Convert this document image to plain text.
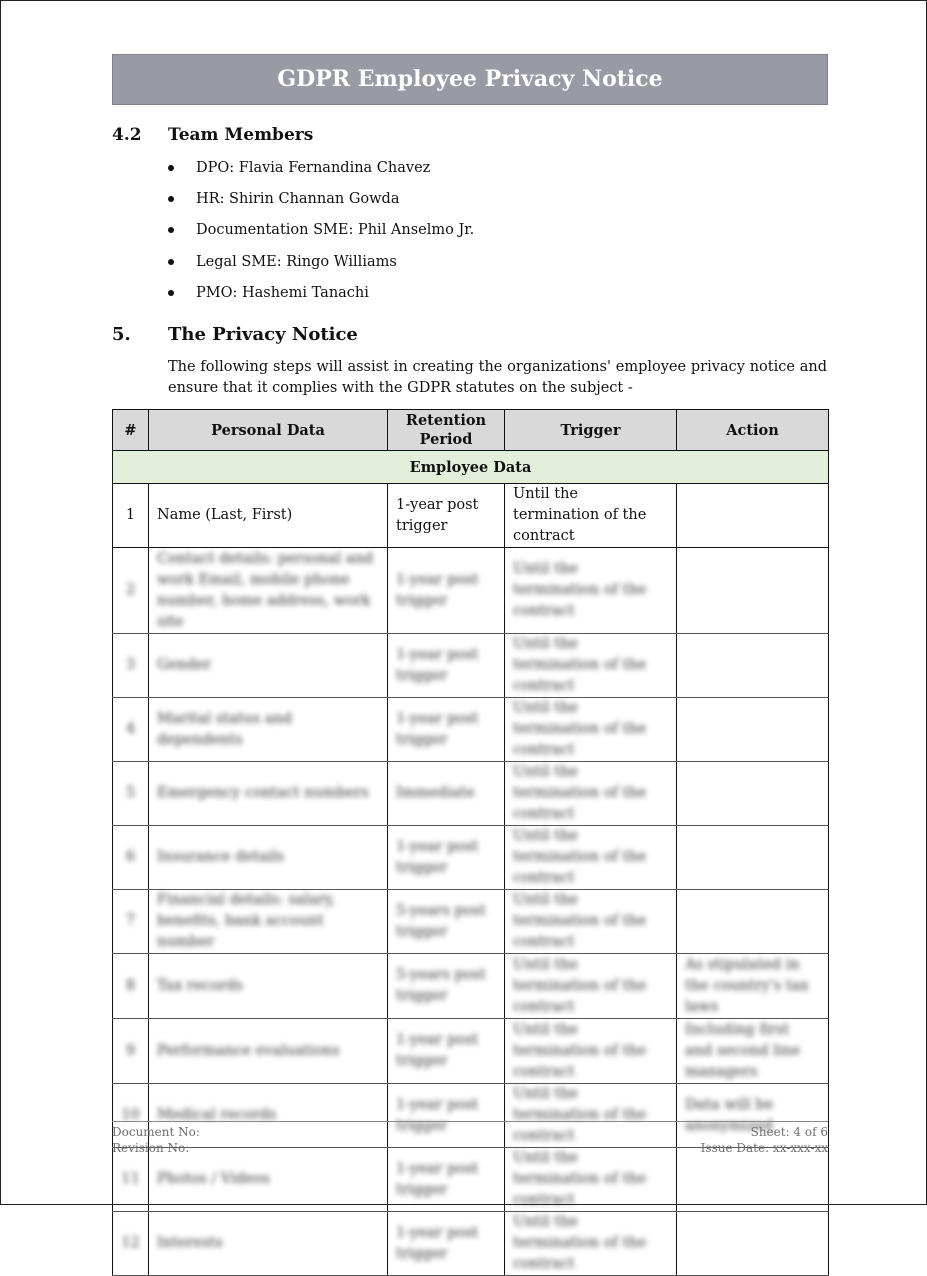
GDPR Employee Privacy Notice
4.2 Team Members
DPO: Flavia Fernandina Chavez
HR: Shirin Channan Gowda
Documentation SME: Phil Anselmo Jr.
Legal SME: Ringo Williams
PMO: Hashemi Tanachi
5. The Privacy Notice
The following steps will assist in creating the organizations' employee privacy notice and ensure that it complies with the GDPR statutes on the subject -
#	Personal Data	Retention Period	Trigger	Action
Employee Data				
1	Name (Last, First)	1-year post trigger	Until the termination of the contract	
2	Contact details: personal and work Email, mobile phone number, home address, work site	1-year post trigger	Until the termination of the contract	
3	Gender	1-year post trigger	Until the termination of the contract	
4	Marital status and dependents	1-year post trigger	Until the termination of the contract	
5	Emergency contact numbers	Immediate	Until the termination of the contract	
6	Insurance details	1-year post trigger	Until the termination of the contract	
7	Financial details: salary, benefits, bank account number	5-years post trigger	Until the termination of the contract	
8	Tax records	5-years post trigger	Until the termination of the contract	As stipulated in the country's tax laws
9	Performance evaluations	1-year post trigger	Until the termination of the contract	Including first and second line managers
10	Medical records	1-year post trigger	Until the termination of the contract	Data will be anonymized
11	Photos / Videos	1-year post trigger	Until the termination of the contract	
12	Interests	1-year post trigger	Until the termination of the contract	
Document No:
Revision No:
Sheet: 4 of 6
Issue Date: xx-xxx-xx
